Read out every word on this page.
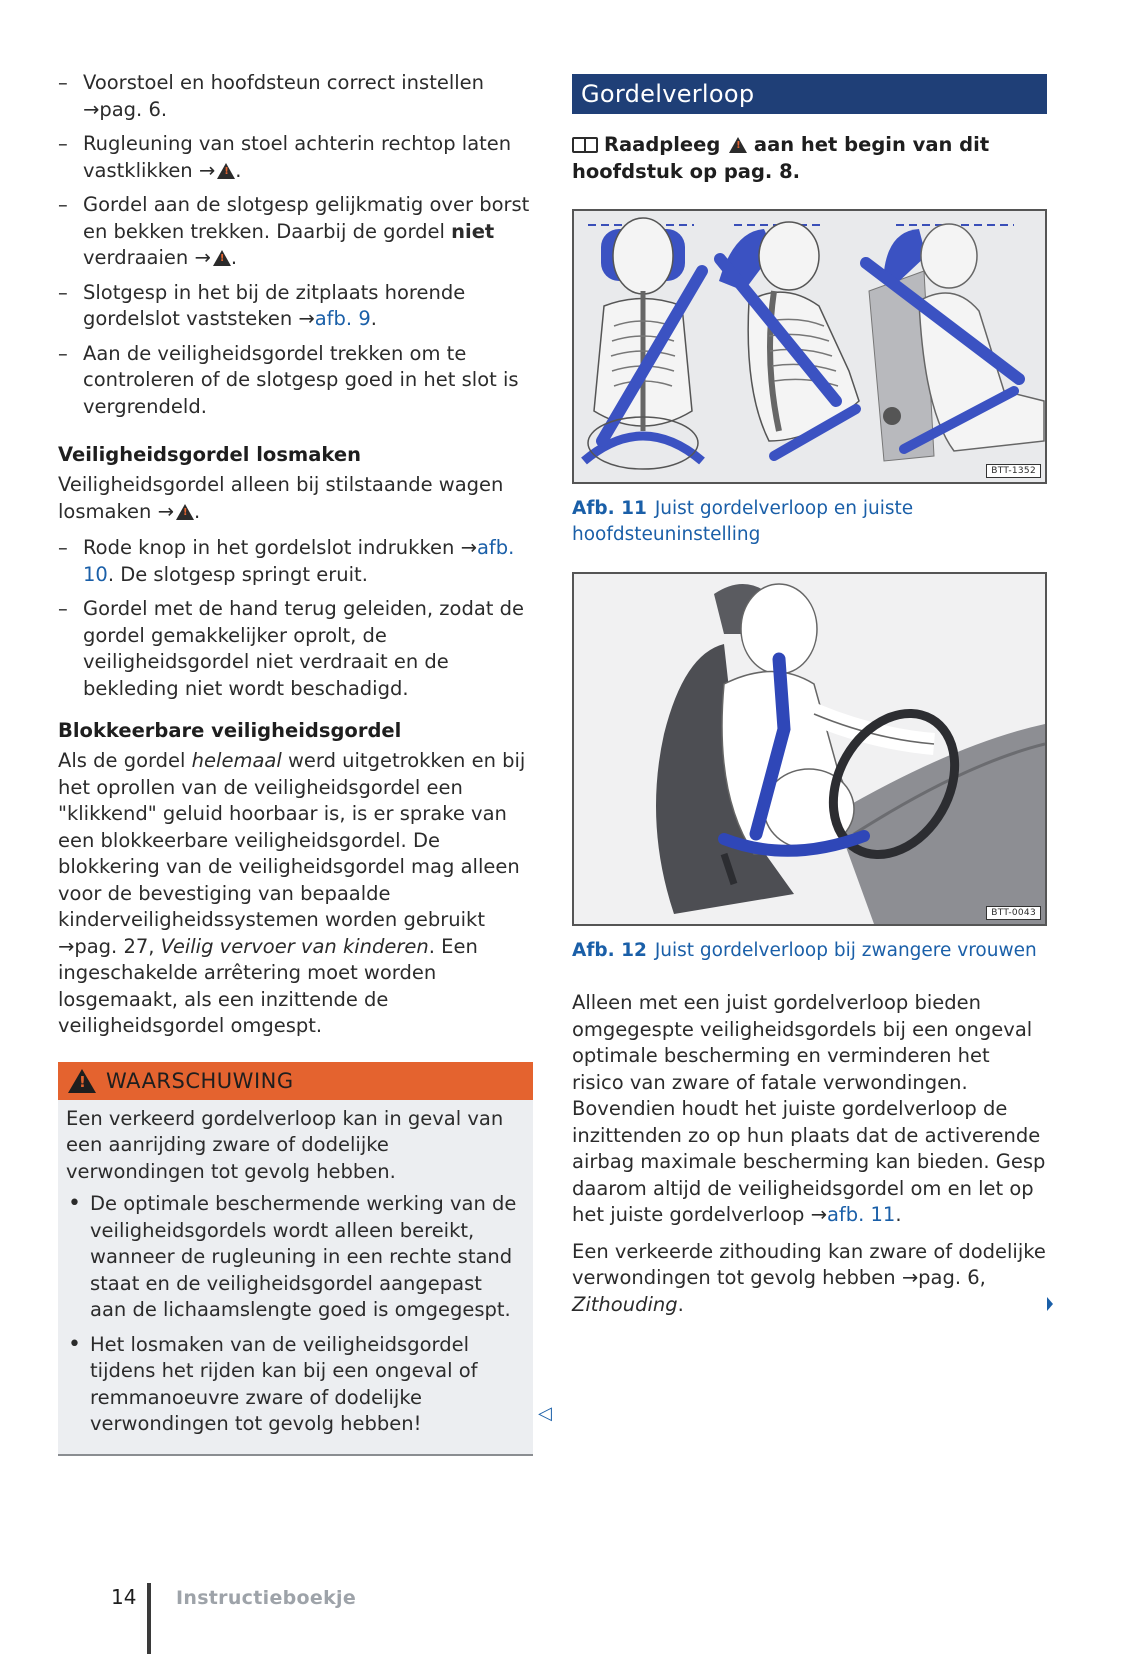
– Voorstoel en hoofdsteun correct instellen →pag. 6.
– Rugleuning van stoel achterin rechtop laten vastklikken → ! .
– Gordel aan de slotgesp gelijkmatig over borst en bekken trekken. Daarbij de gordel niet verdraaien → ! .
– Slotgesp in het bij de zitplaats horende gordelslot vaststeken →afb. 9.
– Aan de veiligheidsgordel trekken om te controleren of de slotgesp goed in het slot is vergrendeld.
Veiligheidsgordel losmaken

Veiligheidsgordel alleen bij stilstaande wagen losmaken → ! .

– Rode knop in het gordelslot indrukken →afb. 10. De slotgesp springt eruit.
– Gordel met de hand terug geleiden, zodat de gordel gemakkelijker oprolt, de veiligheidsgordel niet verdraait en de bekleding niet wordt beschadigd.
Blokkeerbare veiligheidsgordel

Als de gordel helemaal werd uitgetrokken en bij het oprollen van de veiligheidsgordel een "klikkend" geluid hoorbaar is, is er sprake van een blokkeerbare veiligheidsgordel. De blokkering van de veiligheidsgordel mag alleen voor de bevestiging van bepaalde kinderveiligheidssystemen worden gebruikt →pag. 27, Veilig vervoer van kinderen. Een ingeschakelde arrêtering moet worden losgemaakt, als een inzittende de veiligheidsgordel omgespt.

!
WAARSCHUWING

Een verkeerd gordelverloop kan in geval van een aanrijding zware of dodelijke verwondingen tot gevolg hebben.

• De optimale beschermende werking van de veiligheidsgordels wordt alleen bereikt, wanneer de rugleuning in een rechte stand staat en de veiligheidsgordel aangepast aan de lichaamslengte goed is omgegespt.
• Het losmaken van de veiligheidsgordel tijdens het rijden kan bij een ongeval of remmanoeuvre zware of dodelijke verwondingen tot gevolg hebben!	◁
Gordelverloop

Raadpleeg ! aan het begin van dit hoofdstuk op pag. 8.

BTT-1352

Afb. 11 Juist gordelverloop en juiste hoofdsteuninstelling

BTT-0043

Afb. 12 Juist gordelverloop bij zwangere vrouwen

Alleen met een juist gordelverloop bieden omgegespte veiligheidsgordels bij een ongeval optimale bescherming en verminderen het risico van zware of fatale verwondingen. Bovendien houdt het juiste gordelverloop de inzittenden zo op hun plaats dat de activerende airbag maximale bescherming kan bieden. Gesp daarom altijd de veiligheidsgordel om en let op het juiste gordelverloop →afb. 11.

Een verkeerde zithouding kan zware of dodelijke verwondingen tot gevolg hebben →pag. 6, Zithouding.

14 Instructieboekje
